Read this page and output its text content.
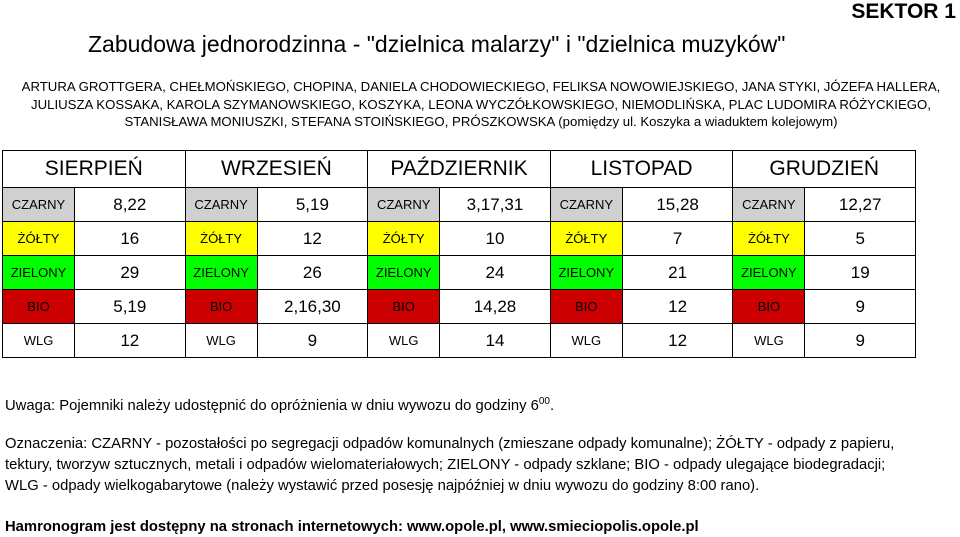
SEKTOR 1
Zabudowa jednorodzinna - "dzielnica malarzy" i "dzielnica muzyków"
ARTURA GROTTGERA, CHEŁMOŃSKIEGO, CHOPINA, DANIELA CHODOWIECKIEGO, FELIKSA NOWOWIEJSKIEGO, JANA STYKI, JÓZEFA HALLERA, JULIUSZA KOSSAKA, KAROLA SZYMANOWSKIEGO, KOSZYKA, LEONA WYCZÓŁKOWSKIEGO, NIEMODLIŃSKA, PLAC LUDOMIRA RÓŻYCKIEGO, STANISŁAWA MONIUSZKI, STEFANA STOIŃSKIEGO, PRÓSZKOWSKA (pomiędzy ul. Koszyka a wiaduktem kolejowym)
SIERPIEŃ		WRZESIEŃ		PAŹDZIERNIK		LISTOPAD		GRUDZIEŃ	
CZARNY	8,22	CZARNY	5,19	CZARNY	3,17,31	CZARNY	15,28	CZARNY	12,27
ŻÓŁTY	16	ŻÓŁTY	12	ŻÓŁTY	10	ŻÓŁTY	7	ŻÓŁTY	5
ZIELONY	29	ZIELONY	26	ZIELONY	24	ZIELONY	21	ZIELONY	19
BIO	5,19	BIO	2,16,30	BIO	14,28	BIO	12	BIO	9
WLG	12	WLG	9	WLG	14	WLG	12	WLG	9
Uwaga: Pojemniki należy udostępnić do opróżnienia w dniu wywozu do godziny $6^{00}$.
Oznaczenia: CZARNY - pozostałości po segregacji odpadów komunalnych (zmieszane odpady komunalne); ŻÓŁTY - odpady z papieru, tektury, tworzyw sztucznych, metali i odpadów wielomateriałowych; ZIELONY - odpady szklane; BIO - odpady ulegające biodegradacji; WLG - odpady wielkogabarytowe (należy wystawić przed posesję najpóźniej w dniu wywozu do godziny 8:00 rano).
Hamronogram jest dostępny na stronach internetowych: www.opole.pl, www.smieciopolis.opole.pl
